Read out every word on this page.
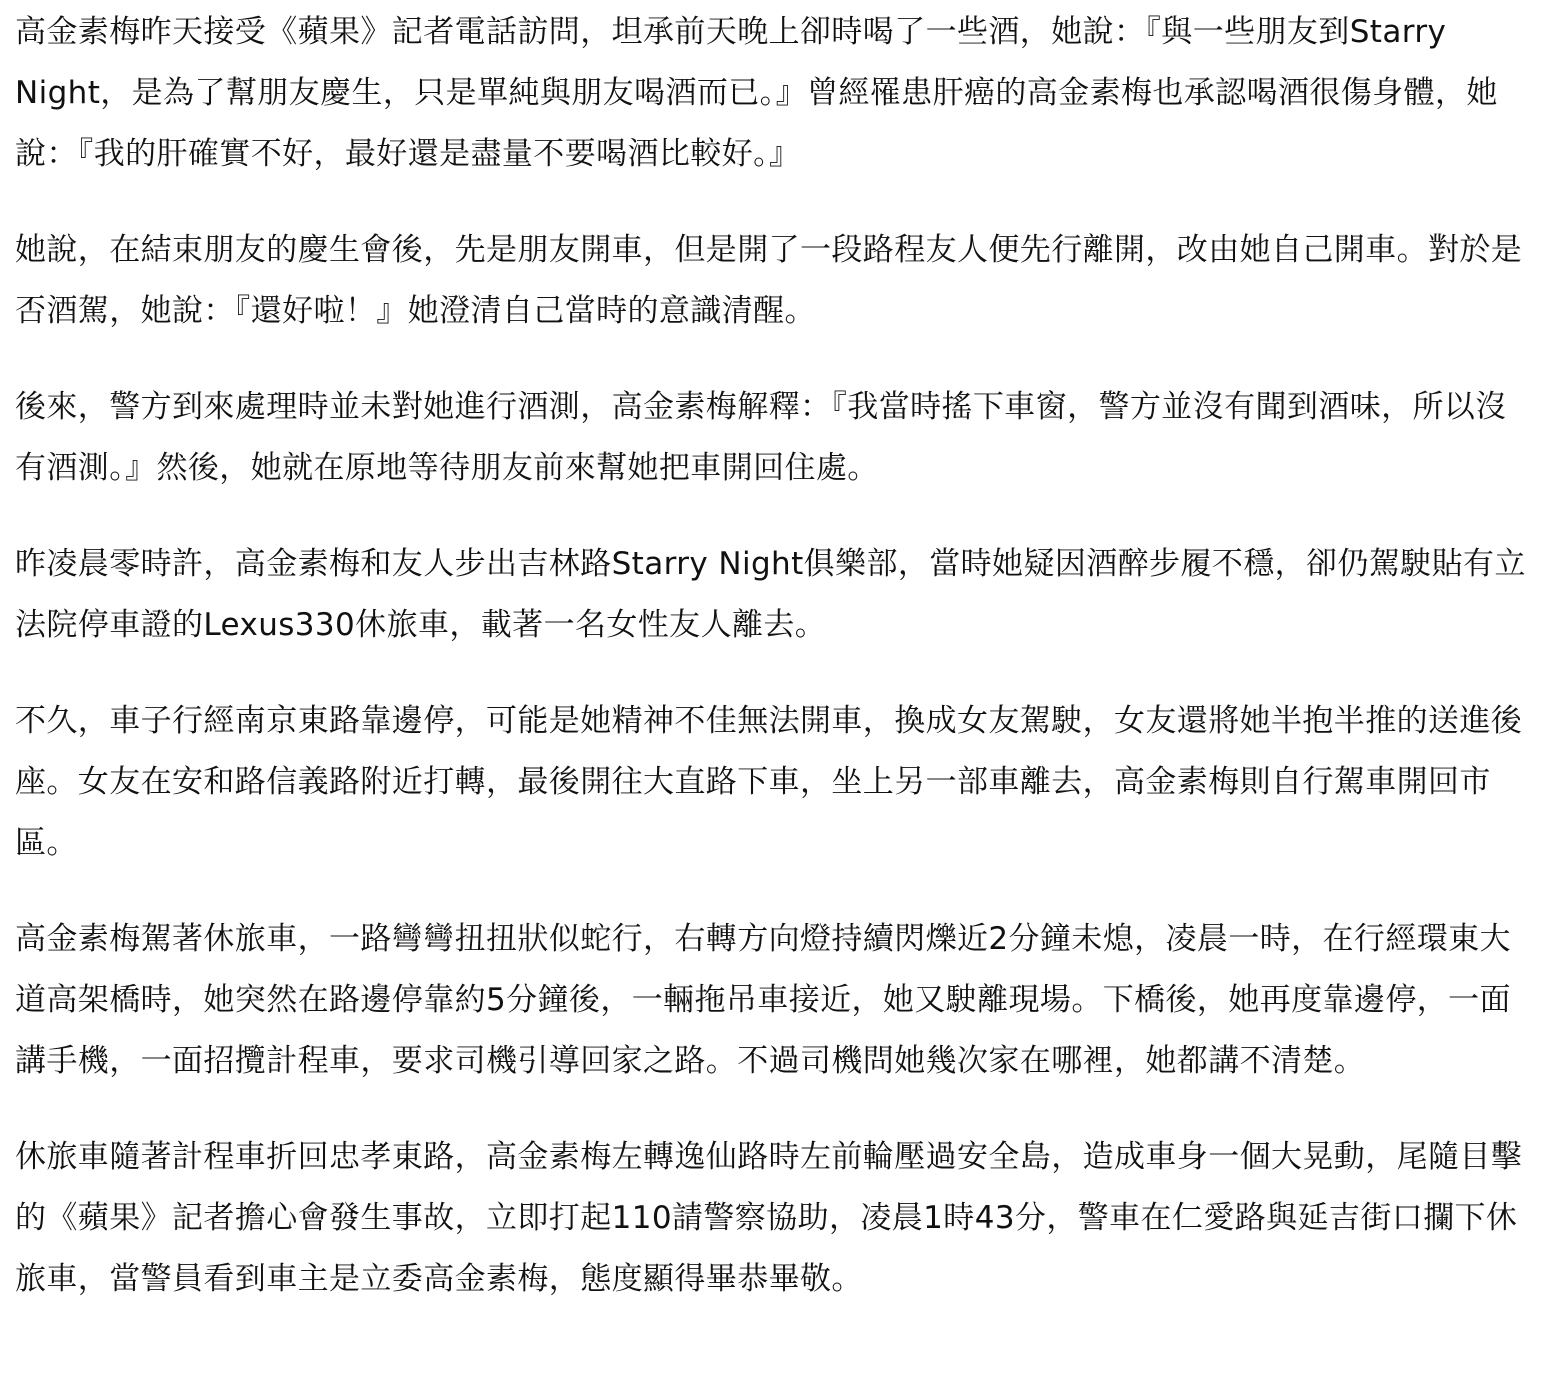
高金素梅昨天接受《蘋果》記者電話訪問，坦承前天晚上卻時喝了一些酒，她說：『與一些朋友到Starry Night，是為了幫朋友慶生，只是單純與朋友喝酒而已。』曾經罹患肝癌的高金素梅也承認喝酒很傷身體，她說：『我的肝確實不好，最好還是盡量不要喝酒比較好。』

她說，在結束朋友的慶生會後，先是朋友開車，但是開了一段路程友人便先行離開，改由她自己開車。對於是否酒駕，她說：『還好啦！』她澄清自己當時的意識清醒。

後來，警方到來處理時並未對她進行酒測，高金素梅解釋：『我當時搖下車窗，警方並沒有聞到酒味，所以沒有酒測。』然後，她就在原地等待朋友前來幫她把車開回住處。

昨凌晨零時許，高金素梅和友人步出吉林路Starry Night俱樂部，當時她疑因酒醉步履不穩，卻仍駕駛貼有立法院停車證的Lexus330休旅車，載著一名女性友人離去。

不久，車子行經南京東路靠邊停，可能是她精神不佳無法開車，換成女友駕駛，女友還將她半抱半推的送進後座。女友在安和路信義路附近打轉，最後開往大直路下車，坐上另一部車離去，高金素梅則自行駕車開回市區。

高金素梅駕著休旅車，一路彎彎扭扭狀似蛇行，右轉方向燈持續閃爍近2分鐘未熄，凌晨一時，在行經環東大道高架橋時，她突然在路邊停靠約5分鐘後，一輛拖吊車接近，她又駛離現場。下橋後，她再度靠邊停，一面講手機，一面招攬計程車，要求司機引導回家之路。不過司機問她幾次家在哪裡，她都講不清楚。

休旅車隨著計程車折回忠孝東路，高金素梅左轉逸仙路時左前輪壓過安全島，造成車身一個大晃動，尾隨目擊的《蘋果》記者擔心會發生事故，立即打起110請警察協助，凌晨1時43分，警車在仁愛路與延吉街口攔下休旅車，當警員看到車主是立委高金素梅，態度顯得畢恭畢敬。
